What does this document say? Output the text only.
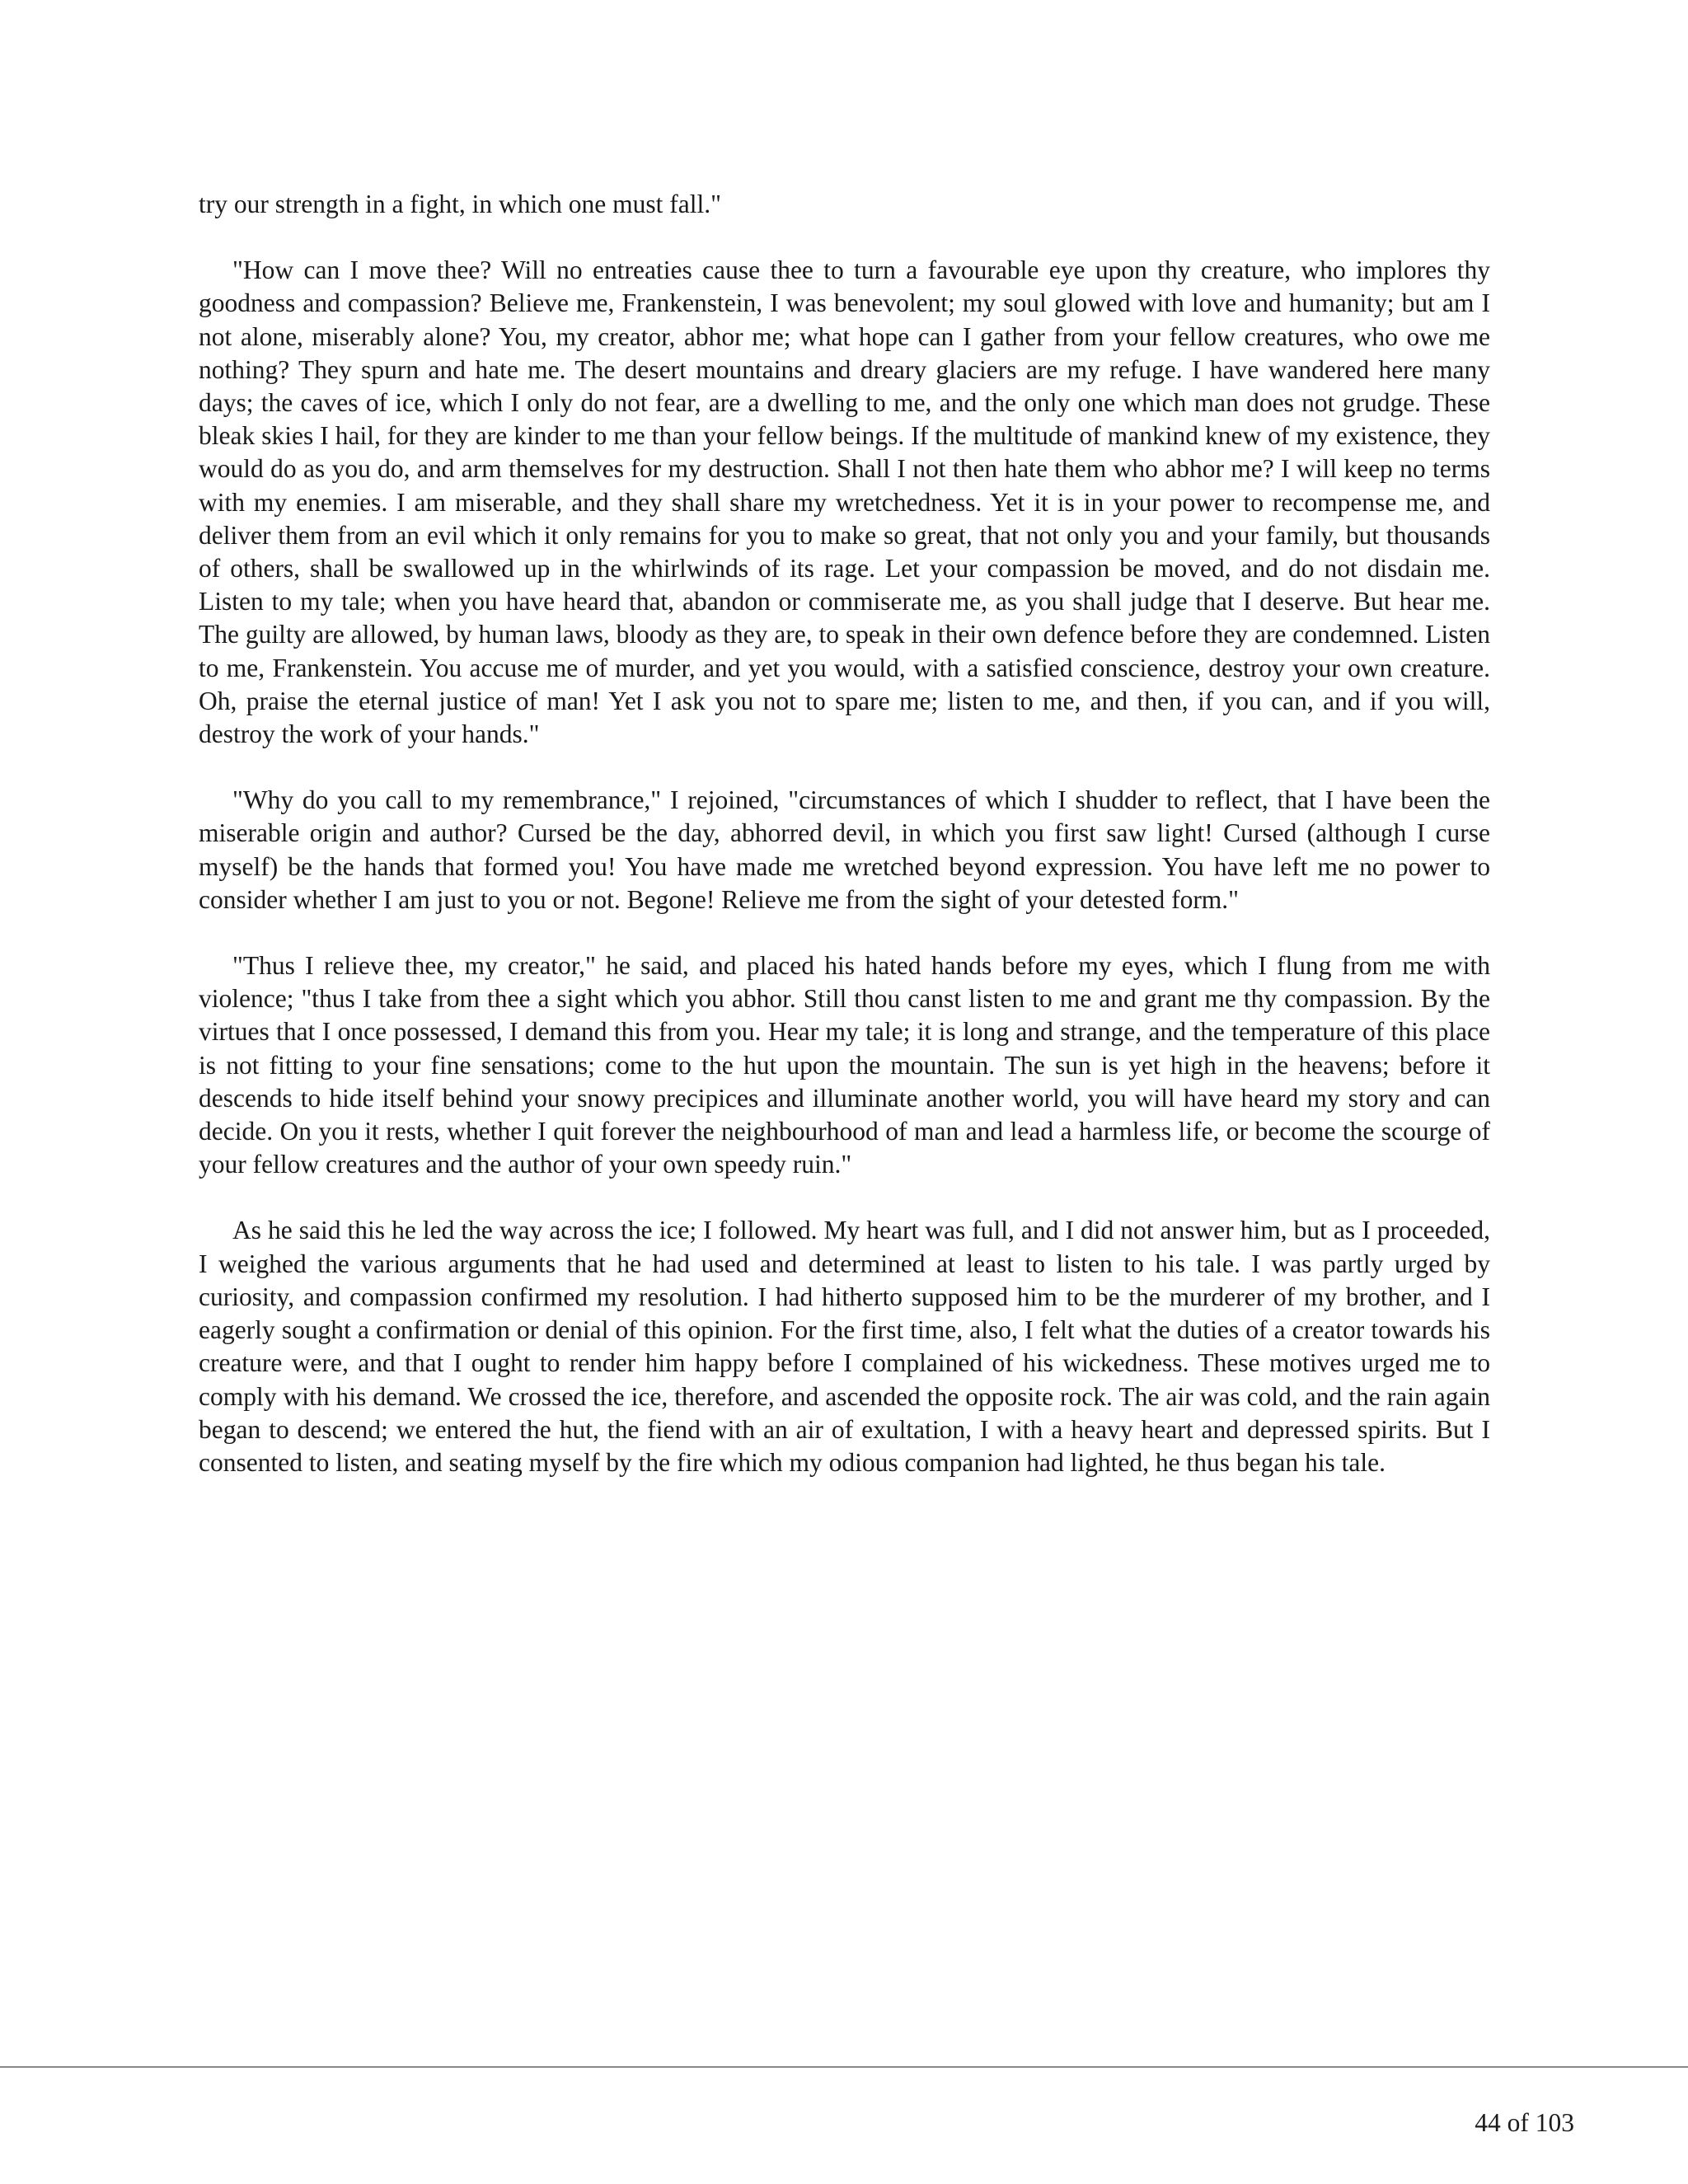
try our strength in a fight, in which one must fall."

"How can I move thee? Will no entreaties cause thee to turn a favourable eye upon thy creature, who implores thy goodness and compassion? Believe me, Frankenstein, I was benevolent; my soul glowed with love and humanity; but am I not alone, miserably alone? You, my creator, abhor me; what hope can I gather from your fellow creatures, who owe me nothing? They spurn and hate me. The desert mountains and dreary glaciers are my refuge. I have wandered here many days; the caves of ice, which I only do not fear, are a dwelling to me, and the only one which man does not grudge. These bleak skies I hail, for they are kinder to me than your fellow beings. If the multitude of mankind knew of my existence, they would do as you do, and arm themselves for my destruction. Shall I not then hate them who abhor me? I will keep no terms with my enemies. I am miserable, and they shall share my wretchedness. Yet it is in your power to recompense me, and deliver them from an evil which it only remains for you to make so great, that not only you and your family, but thousands of others, shall be swallowed up in the whirlwinds of its rage. Let your compassion be moved, and do not disdain me. Listen to my tale; when you have heard that, abandon or commiserate me, as you shall judge that I deserve. But hear me. The guilty are allowed, by human laws, bloody as they are, to speak in their own defence before they are condemned. Listen to me, Frankenstein. You accuse me of murder, and yet you would, with a satisfied conscience, destroy your own creature. Oh, praise the eternal justice of man! Yet I ask you not to spare me; listen to me, and then, if you can, and if you will, destroy the work of your hands."

"Why do you call to my remembrance," I rejoined, "circumstances of which I shudder to reflect, that I have been the miserable origin and author? Cursed be the day, abhorred devil, in which you first saw light! Cursed (although I curse myself) be the hands that formed you! You have made me wretched beyond expression. You have left me no power to consider whether I am just to you or not. Begone! Relieve me from the sight of your detested form."

"Thus I relieve thee, my creator," he said, and placed his hated hands before my eyes, which I flung from me with violence; "thus I take from thee a sight which you abhor. Still thou canst listen to me and grant me thy compassion. By the virtues that I once possessed, I demand this from you. Hear my tale; it is long and strange, and the temperature of this place is not fitting to your fine sensations; come to the hut upon the mountain. The sun is yet high in the heavens; before it descends to hide itself behind your snowy precipices and illuminate another world, you will have heard my story and can decide. On you it rests, whether I quit forever the neighbourhood of man and lead a harmless life, or become the scourge of your fellow creatures and the author of your own speedy ruin."

As he said this he led the way across the ice; I followed. My heart was full, and I did not answer him, but as I proceeded, I weighed the various arguments that he had used and determined at least to listen to his tale. I was partly urged by curiosity, and compassion confirmed my resolution. I had hitherto supposed him to be the murderer of my brother, and I eagerly sought a confirmation or denial of this opinion. For the first time, also, I felt what the duties of a creator towards his creature were, and that I ought to render him happy before I complained of his wickedness. These motives urged me to comply with his demand. We crossed the ice, therefore, and ascended the opposite rock. The air was cold, and the rain again began to descend; we entered the hut, the fiend with an air of exultation, I with a heavy heart and depressed spirits. But I consented to listen, and seating myself by the fire which my odious companion had lighted, he thus began his tale.

44 of 103
